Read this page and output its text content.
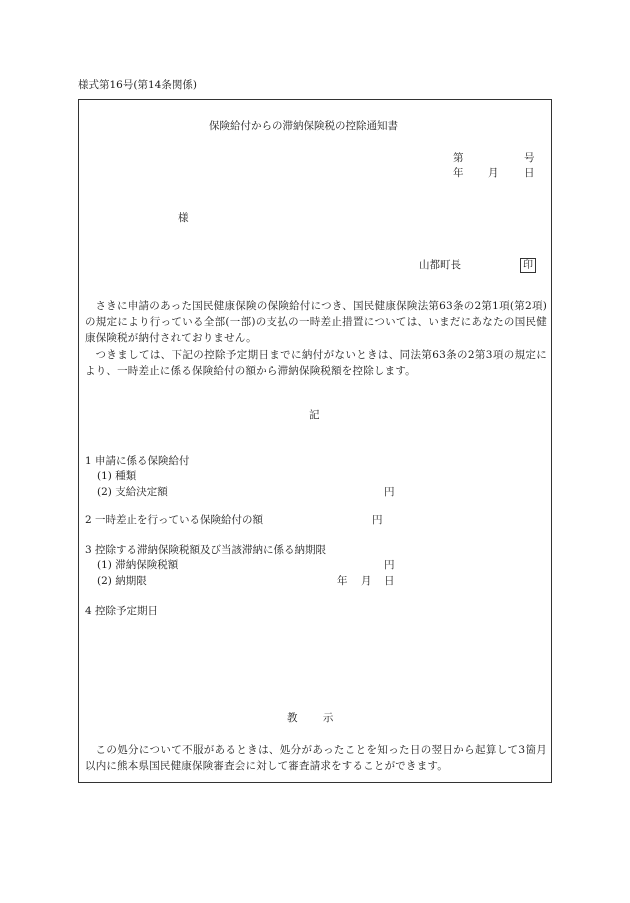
様式第16号(第14条関係)
保険給付からの滞納保険税の控除通知書
第	号
年 月 日
様
山都町長	印
さきに申請のあった国民健康保険の保険給付につき、国民健康保険法第63条の2第1項(第2項)の規定により行っている全部(一部)の支払の一時差止措置については、いまだにあなたの国民健康保険税が納付されておりません。
つきましては、下記の控除予定期日までに納付がないときは、同法第63条の2第3項の規定により、一時差止に係る保険給付の額から滞納保険税額を控除します。
記
1 申請に係る保険給付
(1) 種類
(2) 支給決定額	円
2 一時差止を行っている保険給付の額	円
3 控除する滞納保険税額及び当該滞納に係る納期限
(1) 滞納保険税額	円
(2) 納期限	年 月 日
4 控除予定期日
教 示
この処分について不服があるときは、処分があったことを知った日の翌日から起算して3箇月以内に熊本県国民健康保険審査会に対して審査請求をすることができます。
